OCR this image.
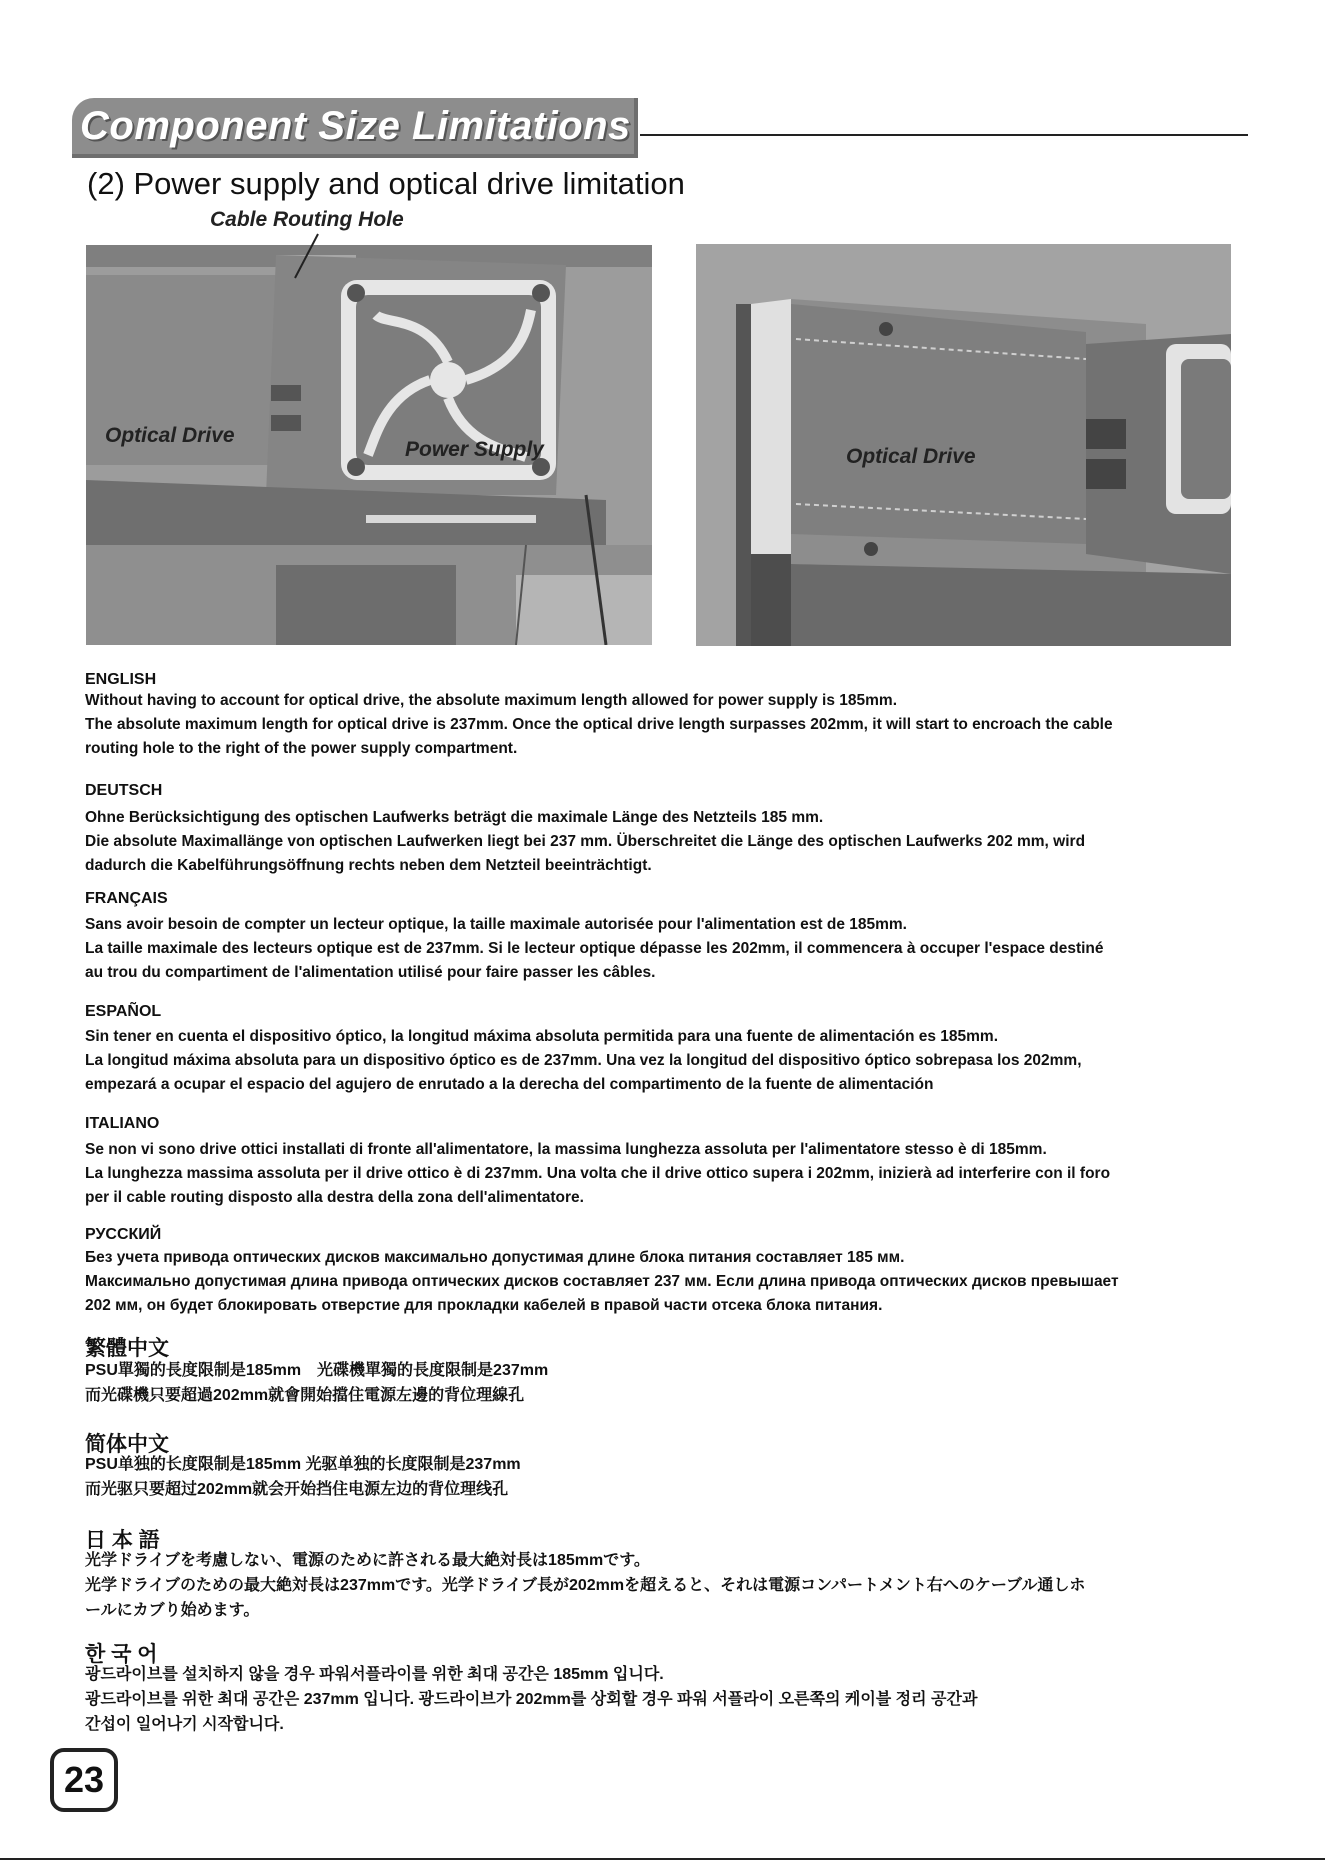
Component Size Limitations
(2) Power supply and optical drive limitation
Cable Routing Hole
Optical Drive
Power Supply	Optical Drive
ENGLISH
Without having to account for optical drive, the absolute maximum length allowed for power supply is 185mm.
The absolute maximum length for optical drive is 237mm. Once the optical drive length surpasses 202mm, it will start to encroach the cable
routing hole to the right of the power supply compartment.
DEUTSCH
Ohne Berücksichtigung des optischen Laufwerks beträgt die maximale Länge des Netzteils 185 mm.
Die absolute Maximallänge von optischen Laufwerken liegt bei 237 mm. Überschreitet die Länge des optischen Laufwerks 202 mm, wird
dadurch die Kabelführungsöffnung rechts neben dem Netzteil beeinträchtigt.
FRANÇAIS
Sans avoir besoin de compter un lecteur optique, la taille maximale autorisée pour l'alimentation est de 185mm.
La taille maximale des lecteurs optique est de 237mm. Si le lecteur optique dépasse les 202mm, il commencera à occuper l'espace destiné
au trou du compartiment de l'alimentation utilisé pour faire passer les câbles.
ESPAÑOL
Sin tener en cuenta el dispositivo óptico, la longitud máxima absoluta permitida para una fuente de alimentación es 185mm.
La longitud máxima absoluta para un dispositivo óptico es de 237mm. Una vez la longitud del dispositivo óptico sobrepasa los 202mm,
empezará a ocupar el espacio del agujero de enrutado a la derecha del compartimento de la fuente de alimentación
ITALIANO
Se non vi sono drive ottici installati di fronte all'alimentatore, la massima lunghezza assoluta per l'alimentatore stesso è di 185mm.
La lunghezza massima assoluta per il drive ottico è di 237mm. Una volta che il drive ottico supera i 202mm, inizierà ad interferire con il foro
per il cable routing disposto alla destra della zona dell'alimentatore.
РУССКИЙ
Без учета привода оптических дисков максимально допустимая длине блока питания составляет 185 мм.
Максимально допустимая длина привода оптических дисков составляет 237 мм. Если длина привода оптических дисков превышает
202 мм, он будет блокировать отверстие для прокладки кабелей в правой части отсека блока питания.
繁體中文
PSU單獨的長度限制是185mm　光碟機單獨的長度限制是237mm
而光碟機只要超過202mm就會開始擋住電源左邊的背位理線孔
简体中文
PSU单独的长度限制是185mm 光驱单独的长度限制是237mm
而光驱只要超过202mm就会开始挡住电源左边的背位理线孔
日 本 語
光学ドライブを考慮しない、電源のために許される最大絶対長は185mmです。
光学ドライブのための最大絶対長は237mmです。光学ドライブ長が202mmを超えると、それは電源コンパートメント右へのケーブル通しホ
ールにカブり始めます。
한 국 어
광드라이브를 설치하지 않을 경우 파워서플라이를 위한 최대 공간은 185mm 입니다.
광드라이브를 위한 최대 공간은 237mm 입니다. 광드라이브가 202mm를 상회할 경우 파워 서플라이 오른쪽의 케이블 정리 공간과
간섭이 일어나기 시작합니다.
23
